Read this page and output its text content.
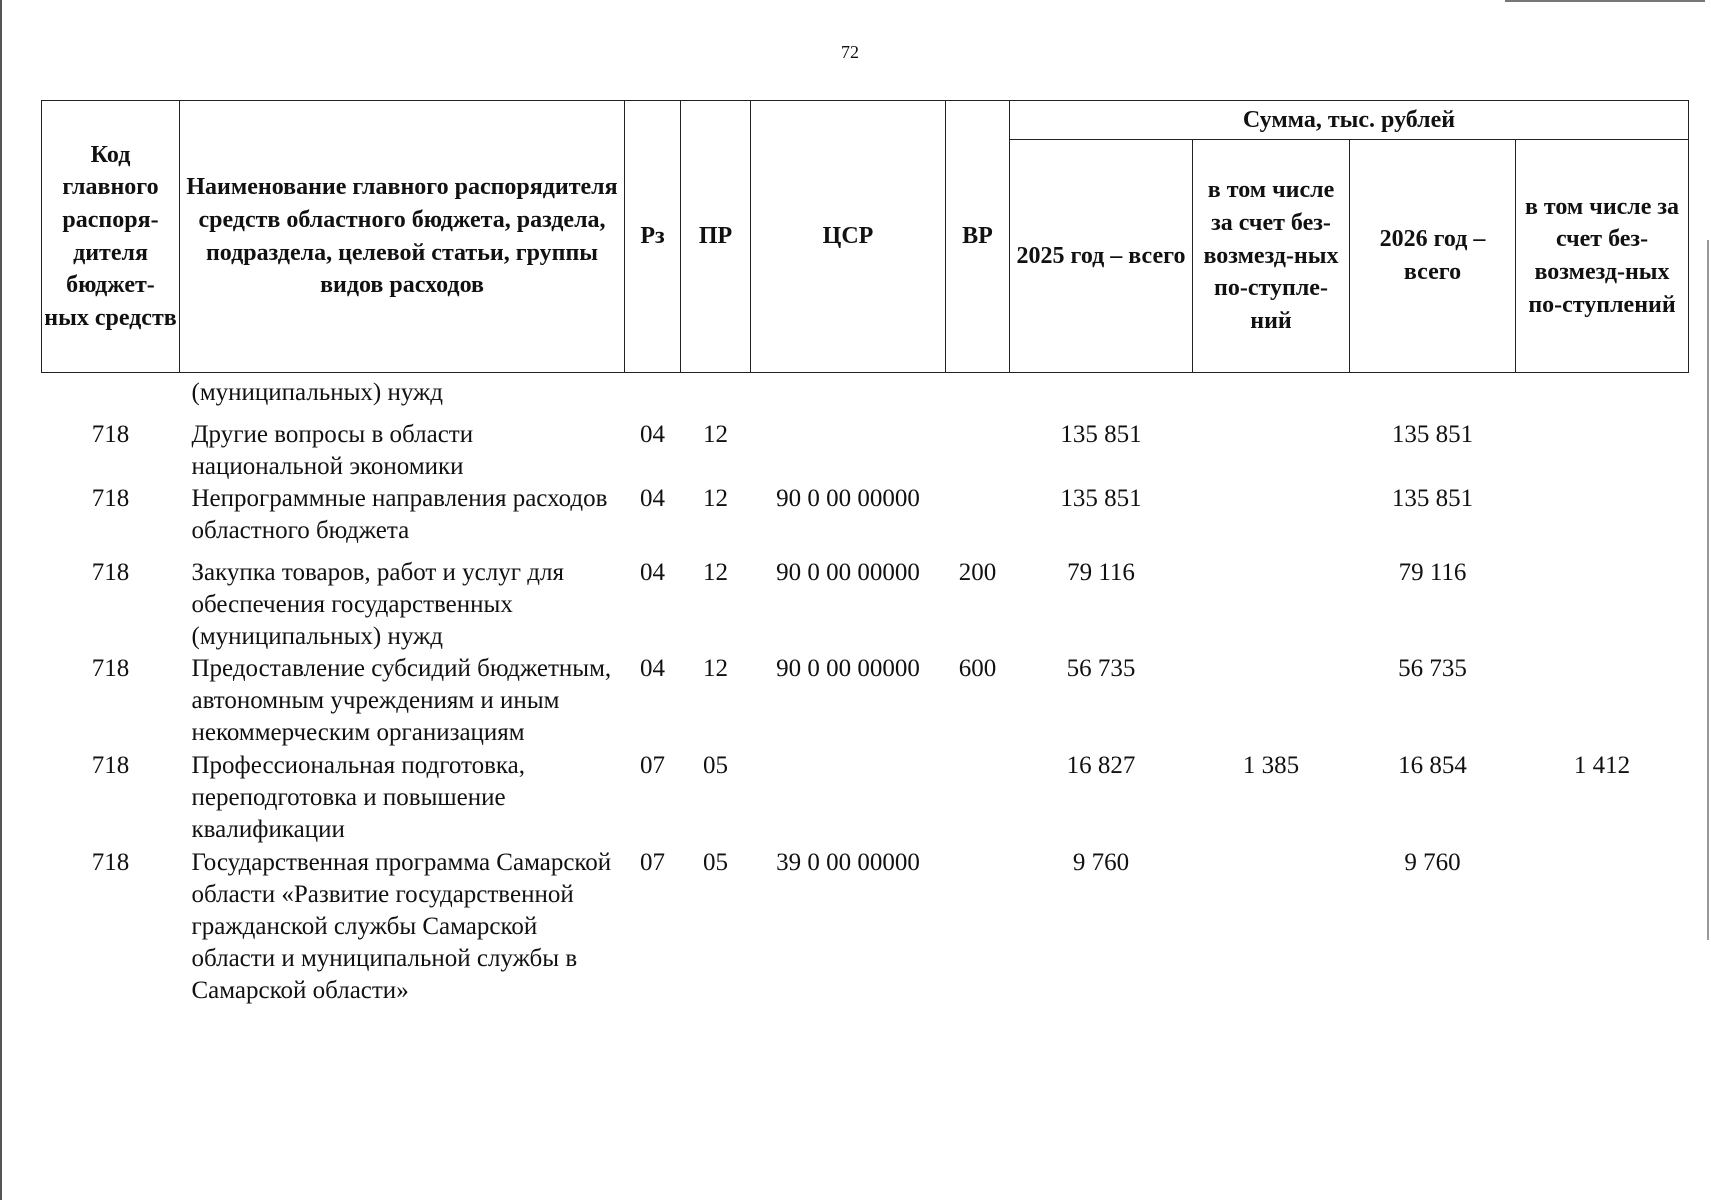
72
Код главного распоря-дителя бюджет-ных средств	Наименование главного распорядителя средств областного бюджета, раздела, подраздела, целевой статьи, группы видов расходов	Рз	ПР	ЦСР	ВР	Сумма, тыс. рублей			
						2025 год – всего	в том числе за счет без-возмезд-ных по-ступле-ний	2026 год – всего	в том числе за счет без-возмезд-ных по-ступлений
	(муниципальных) нужд								
718	Другие вопросы в области национальной экономики	04	12			135 851		135 851	
718	Непрограммные направления расходов областного бюджета	04	12	90 0 00 00000		135 851		135 851	
718	Закупка товаров, работ и услуг для обеспечения государственных (муниципальных) нужд	04	12	90 0 00 00000	200	79 116		79 116	
718	Предоставление субсидий бюджетным, автономным учреждениям и иным некоммерческим организациям	04	12	90 0 00 00000	600	56 735		56 735	
718	Профессиональная подготовка, переподготовка и повышение квалификации	07	05			16 827	1 385	16 854	1 412
718	Государственная программа Самарской области «Развитие государственной гражданской службы Самарской области и муниципальной службы в Самарской области»	07	05	39 0 00 00000		9 760		9 760	
